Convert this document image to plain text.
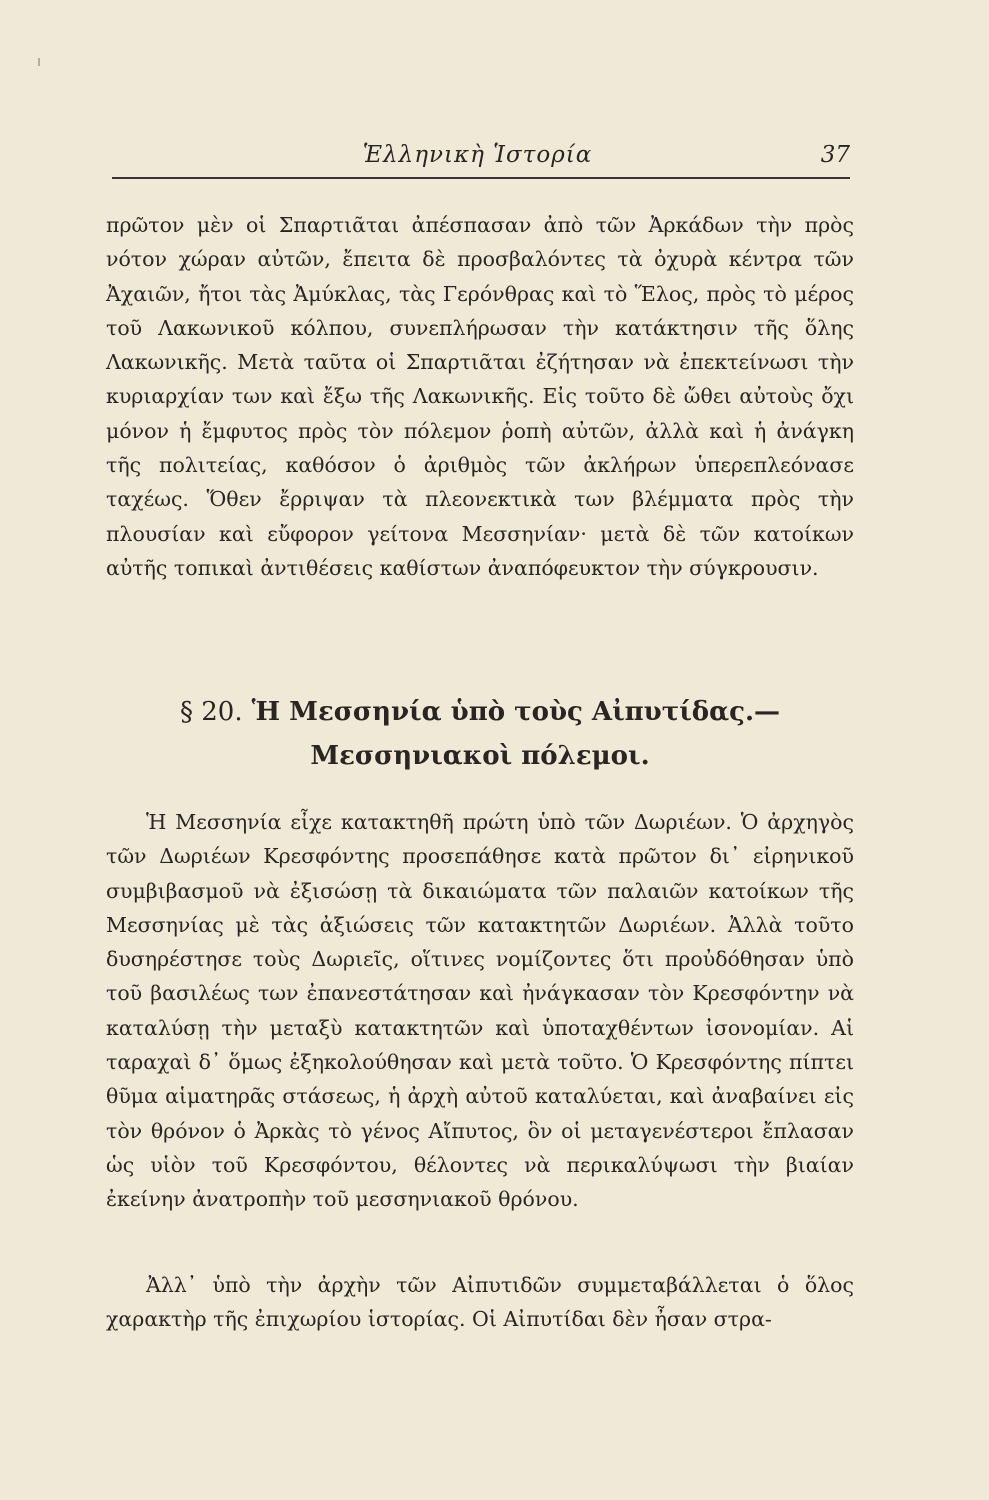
Ἑλληνικὴ Ἱστορία	37

πρῶτον μὲν οἱ Σπαρτιᾶται ἀπέσπασαν ἀπὸ τῶν Ἀρκάδων τὴν πρὸς νότον χώραν αὐτῶν, ἔπειτα δὲ προσβαλόντες τὰ ὀχυρὰ κέντρα τῶν Ἀχαιῶν, ἤτοι τὰς Ἀμύκλας, τὰς Γερόνθρας καὶ τὸ Ἕλος, πρὸς τὸ μέρος τοῦ Λακωνικοῦ κόλπου, συνεπλήρωσαν τὴν κατάκτησιν τῆς ὅλης Λακωνικῆς. Μετὰ ταῦτα οἱ Σπαρτιᾶται ἐζήτησαν νὰ ἐπεκτείνωσι τὴν κυριαρχίαν των καὶ ἔξω τῆς Λακωνικῆς. Εἰς τοῦτο δὲ ὤθει αὐτοὺς ὄχι μόνον ἡ ἔμφυτος πρὸς τὸν πόλεμον ῥοπὴ αὐτῶν, ἀλλὰ καὶ ἡ ἀνάγκη τῆς πολιτείας, καθόσον ὁ ἀριθμὸς τῶν ἀκλήρων ὑπερεπλεόνασε ταχέως. Ὅθεν ἔρριψαν τὰ πλεονεκτικὰ των βλέμματα πρὸς τὴν πλουσίαν καὶ εὔφορον γείτονα Μεσσηνίαν· μετὰ δὲ τῶν κατοίκων αὐτῆς τοπικαὶ ἀντιθέσεις καθίστων ἀναπόφευκτον τὴν σύγκρουσιν.

§ 20. Ἡ Μεσσηνία ὑπὸ τοὺς Αἰπυτίδας.—
Μεσσηνιακοὶ πόλεμοι.

Ἡ Μεσσηνία εἶχε κατακτηθῆ πρώτη ὑπὸ τῶν Δωριέων. Ὁ ἀρχηγὸς τῶν Δωριέων Κρεσφόντης προσεπάθησε κατὰ πρῶτον δι᾽ εἰρηνικοῦ συμβιβασμοῦ νὰ ἐξισώσῃ τὰ δικαιώματα τῶν παλαιῶν κατοίκων τῆς Μεσσηνίας μὲ τὰς ἀξιώσεις τῶν κατακτητῶν Δωριέων. Ἀλλὰ τοῦτο δυσηρέστησε τοὺς Δωριεῖς, οἵτινες νομίζοντες ὅτι προὐδόθησαν ὑπὸ τοῦ βασιλέως των ἐπανεστάτησαν καὶ ἠνάγκασαν τὸν Κρεσφόντην νὰ καταλύσῃ τὴν μεταξὺ κατακτητῶν καὶ ὑποταχθέντων ἰσονομίαν. Αἱ ταραχαὶ δ᾽ ὅμως ἐξηκολούθησαν καὶ μετὰ τοῦτο. Ὁ Κρεσφόντης πίπτει θῦμα αἱματηρᾶς στάσεως, ἡ ἀρχὴ αὐτοῦ καταλύεται, καὶ ἀναβαίνει εἰς τὸν θρόνον ὁ Ἀρκὰς τὸ γένος Αἴπυτος, ὃν οἱ μεταγενέστεροι ἔπλασαν ὡς υἱὸν τοῦ Κρεσφόντου, θέλοντες νὰ περικαλύψωσι τὴν βιαίαν ἐκείνην ἀνατροπὴν τοῦ μεσσηνιακοῦ θρόνου.

Ἀλλ᾽ ὑπὸ τὴν ἀρχὴν τῶν Αἰπυτιδῶν συμμεταβάλλεται ὁ ὅλος χαρακτὴρ τῆς ἐπιχωρίου ἱστορίας. Οἱ Αἰπυτίδαι δὲν ἦσαν στρα-
